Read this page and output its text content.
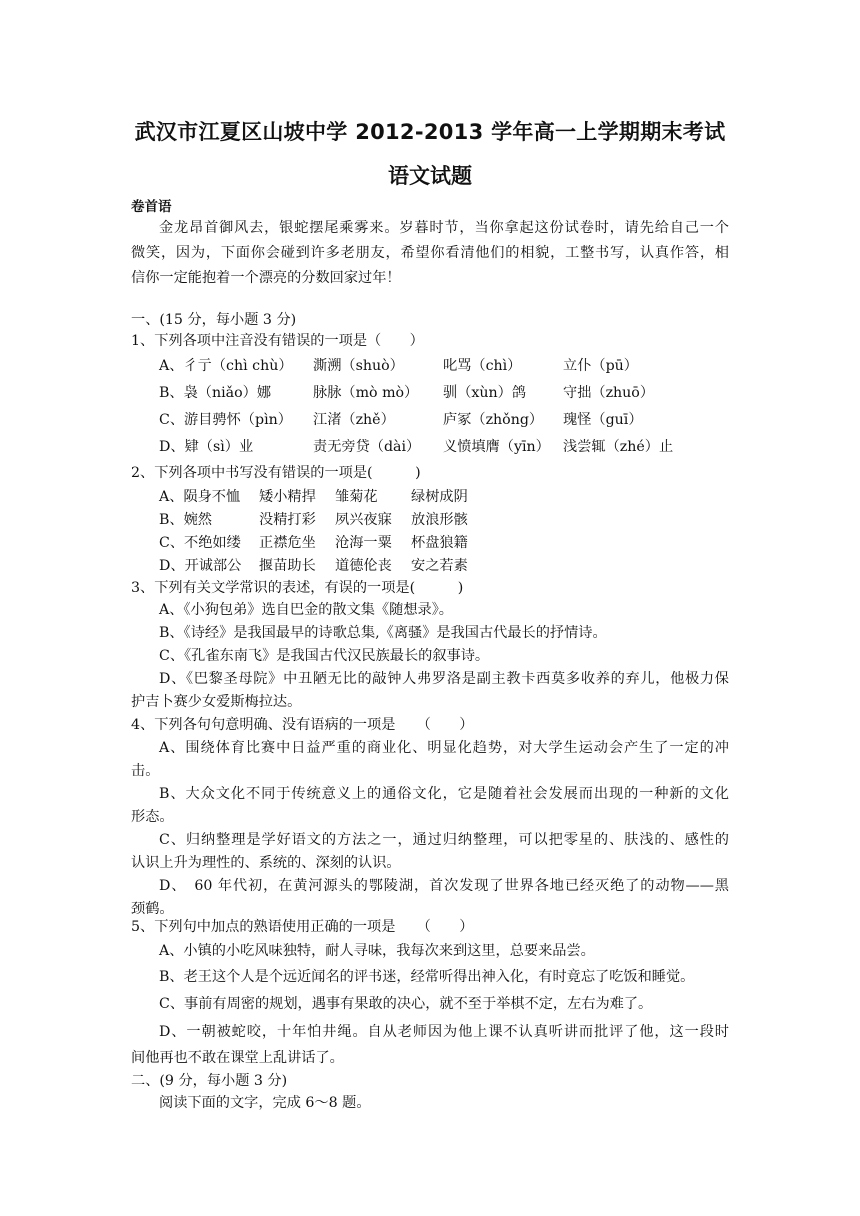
武汉市江夏区山坡中学 2012-2013 学年高一上学期期末考试
语文试题
卷首语
金龙昂首御风去，银蛇摆尾乘雾来。岁暮时节，当你拿起这份试卷时，请先给自己一个
微笑，因为，下面你会碰到许多老朋友，希望你看清他们的相貌，工整书写，认真作答，相
信你一定能抱着一个漂亮的分数回家过年！
一、(15 分，每小题 3 分)
1、下列各项中注音没有错误的一项是（　　）
A、彳亍（chì chù） 澌溯（shuò）	叱骂（chì）	立仆（pū）
B、袅（niǎo）娜	脉脉（mò mò） 驯（xùn）鸽	守拙（zhuō）
C、游目骋怀（pìn） 江渚（zhě）	庐冢（zhǒng） 瑰怪（guī）
D、肄（sì）业	责无旁贷（dài） 义愤填膺（yīn） 浅尝辄（zhé）止
2、下列各项中书写没有错误的一项是(　　　)
A、陨身不恤 矮小精捍 雏菊花 绿树成阴
B、婉然	没精打彩 夙兴夜寐 放浪形骸
C、不绝如缕 正襟危坐 沧海一粟 杯盘狼籍
D、开诚部公 揠苗助长 道德伦丧 安之若素
3、下列有关文学常识的表述，有误的一项是(　　　)
A、《小狗包弟》选自巴金的散文集《随想录》。
B、《诗经》是我国最早的诗歌总集,《离骚》是我国古代最长的抒情诗。
C、《孔雀东南飞》是我国古代汉民族最长的叙事诗。
D、《巴黎圣母院》中丑陋无比的敲钟人弗罗洛是副主教卡西莫多收养的弃儿，他极力保
护吉卜赛少女爱斯梅拉达。
4、下列各句句意明确、没有语病的一项是　　（　　）
A、围绕体育比赛中日益严重的商业化、明显化趋势，对大学生运动会产生了一定的冲
击。
B、大众文化不同于传统意义上的通俗文化，它是随着社会发展而出现的一种新的文化
形态。
C、归纳整理是学好语文的方法之一，通过归纳整理，可以把零星的、肤浅的、感性的
认识上升为理性的、系统的、深刻的认识。
D、　60 年代初，在黄河源头的鄂陵湖，首次发现了世界各地已经灭绝了的动物——黑
颈鹤。
5、下列句中加点的熟语使用正确的一项是　　（　　）
A、小镇的小吃风味独特，耐人寻味，我每次来到这里，总要来品尝。
B、老王这个人是个远近闻名的评书迷，经常听得出神入化，有时竟忘了吃饭和睡觉。
C、事前有周密的规划，遇事有果敢的决心，就不至于举棋不定，左右为难了。
D、一朝被蛇咬，十年怕井绳。自从老师因为他上课不认真听讲而批评了他，这一段时
间他再也不敢在课堂上乱讲话了。
二、(9 分，每小题 3 分)
阅读下面的文字，完成 6～8 题。
